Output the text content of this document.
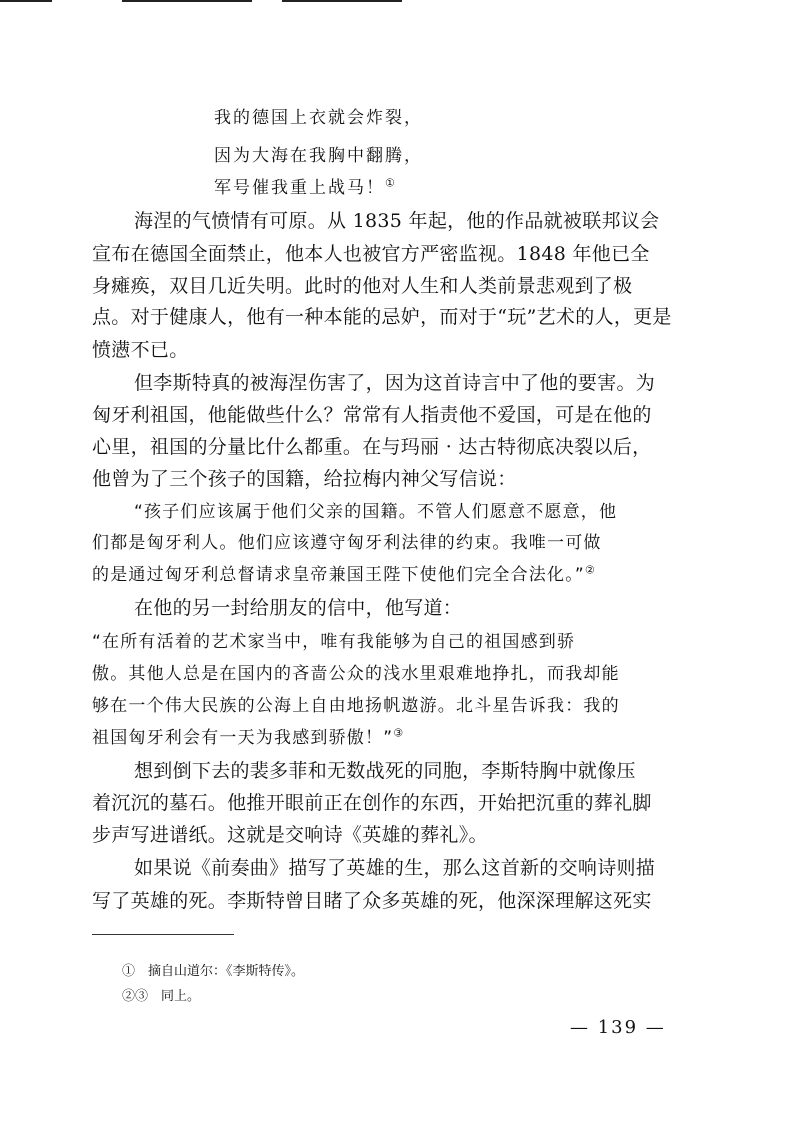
我的德国上衣就会炸裂，
因为大海在我胸中翻腾，
军号催我重上战马！①
海涅的气愤情有可原。从 1835 年起，他的作品就被联邦议会
宣布在德国全面禁止，他本人也被官方严密监视。1848 年他已全
身瘫痪，双目几近失明。此时的他对人生和人类前景悲观到了极
点。对于健康人，他有一种本能的忌妒，而对于“玩”艺术的人，更是
愤懑不已。
但李斯特真的被海涅伤害了，因为这首诗言中了他的要害。为
匈牙利祖国，他能做些什么？常常有人指责他不爱国，可是在他的
心里，祖国的分量比什么都重。在与玛丽 · 达古特彻底决裂以后，
他曾为了三个孩子的国籍，给拉梅内神父写信说：
“孩子们应该属于他们父亲的国籍。不管人们愿意不愿意，他
们都是匈牙利人。他们应该遵守匈牙利法律的约束。我唯一可做
的是通过匈牙利总督请求皇帝兼国王陛下使他们完全合法化。”②
在他的另一封给朋友的信中，他写道：
“在所有活着的艺术家当中，唯有我能够为自己的祖国感到骄
傲。其他人总是在国内的吝啬公众的浅水里艰难地挣扎，而我却能
够在一个伟大民族的公海上自由地扬帆遨游。北斗星告诉我：我的
祖国匈牙利会有一天为我感到骄傲！”③
想到倒下去的裴多菲和无数战死的同胞，李斯特胸中就像压
着沉沉的墓石。他推开眼前正在创作的东西，开始把沉重的葬礼脚
步声写进谱纸。这就是交响诗《英雄的葬礼》。
如果说《前奏曲》描写了英雄的生，那么这首新的交响诗则描
写了英雄的死。李斯特曾目睹了众多英雄的死，他深深理解这死实
①　摘自山道尔：《李斯特传》。
②③　同上。
— 139 —
